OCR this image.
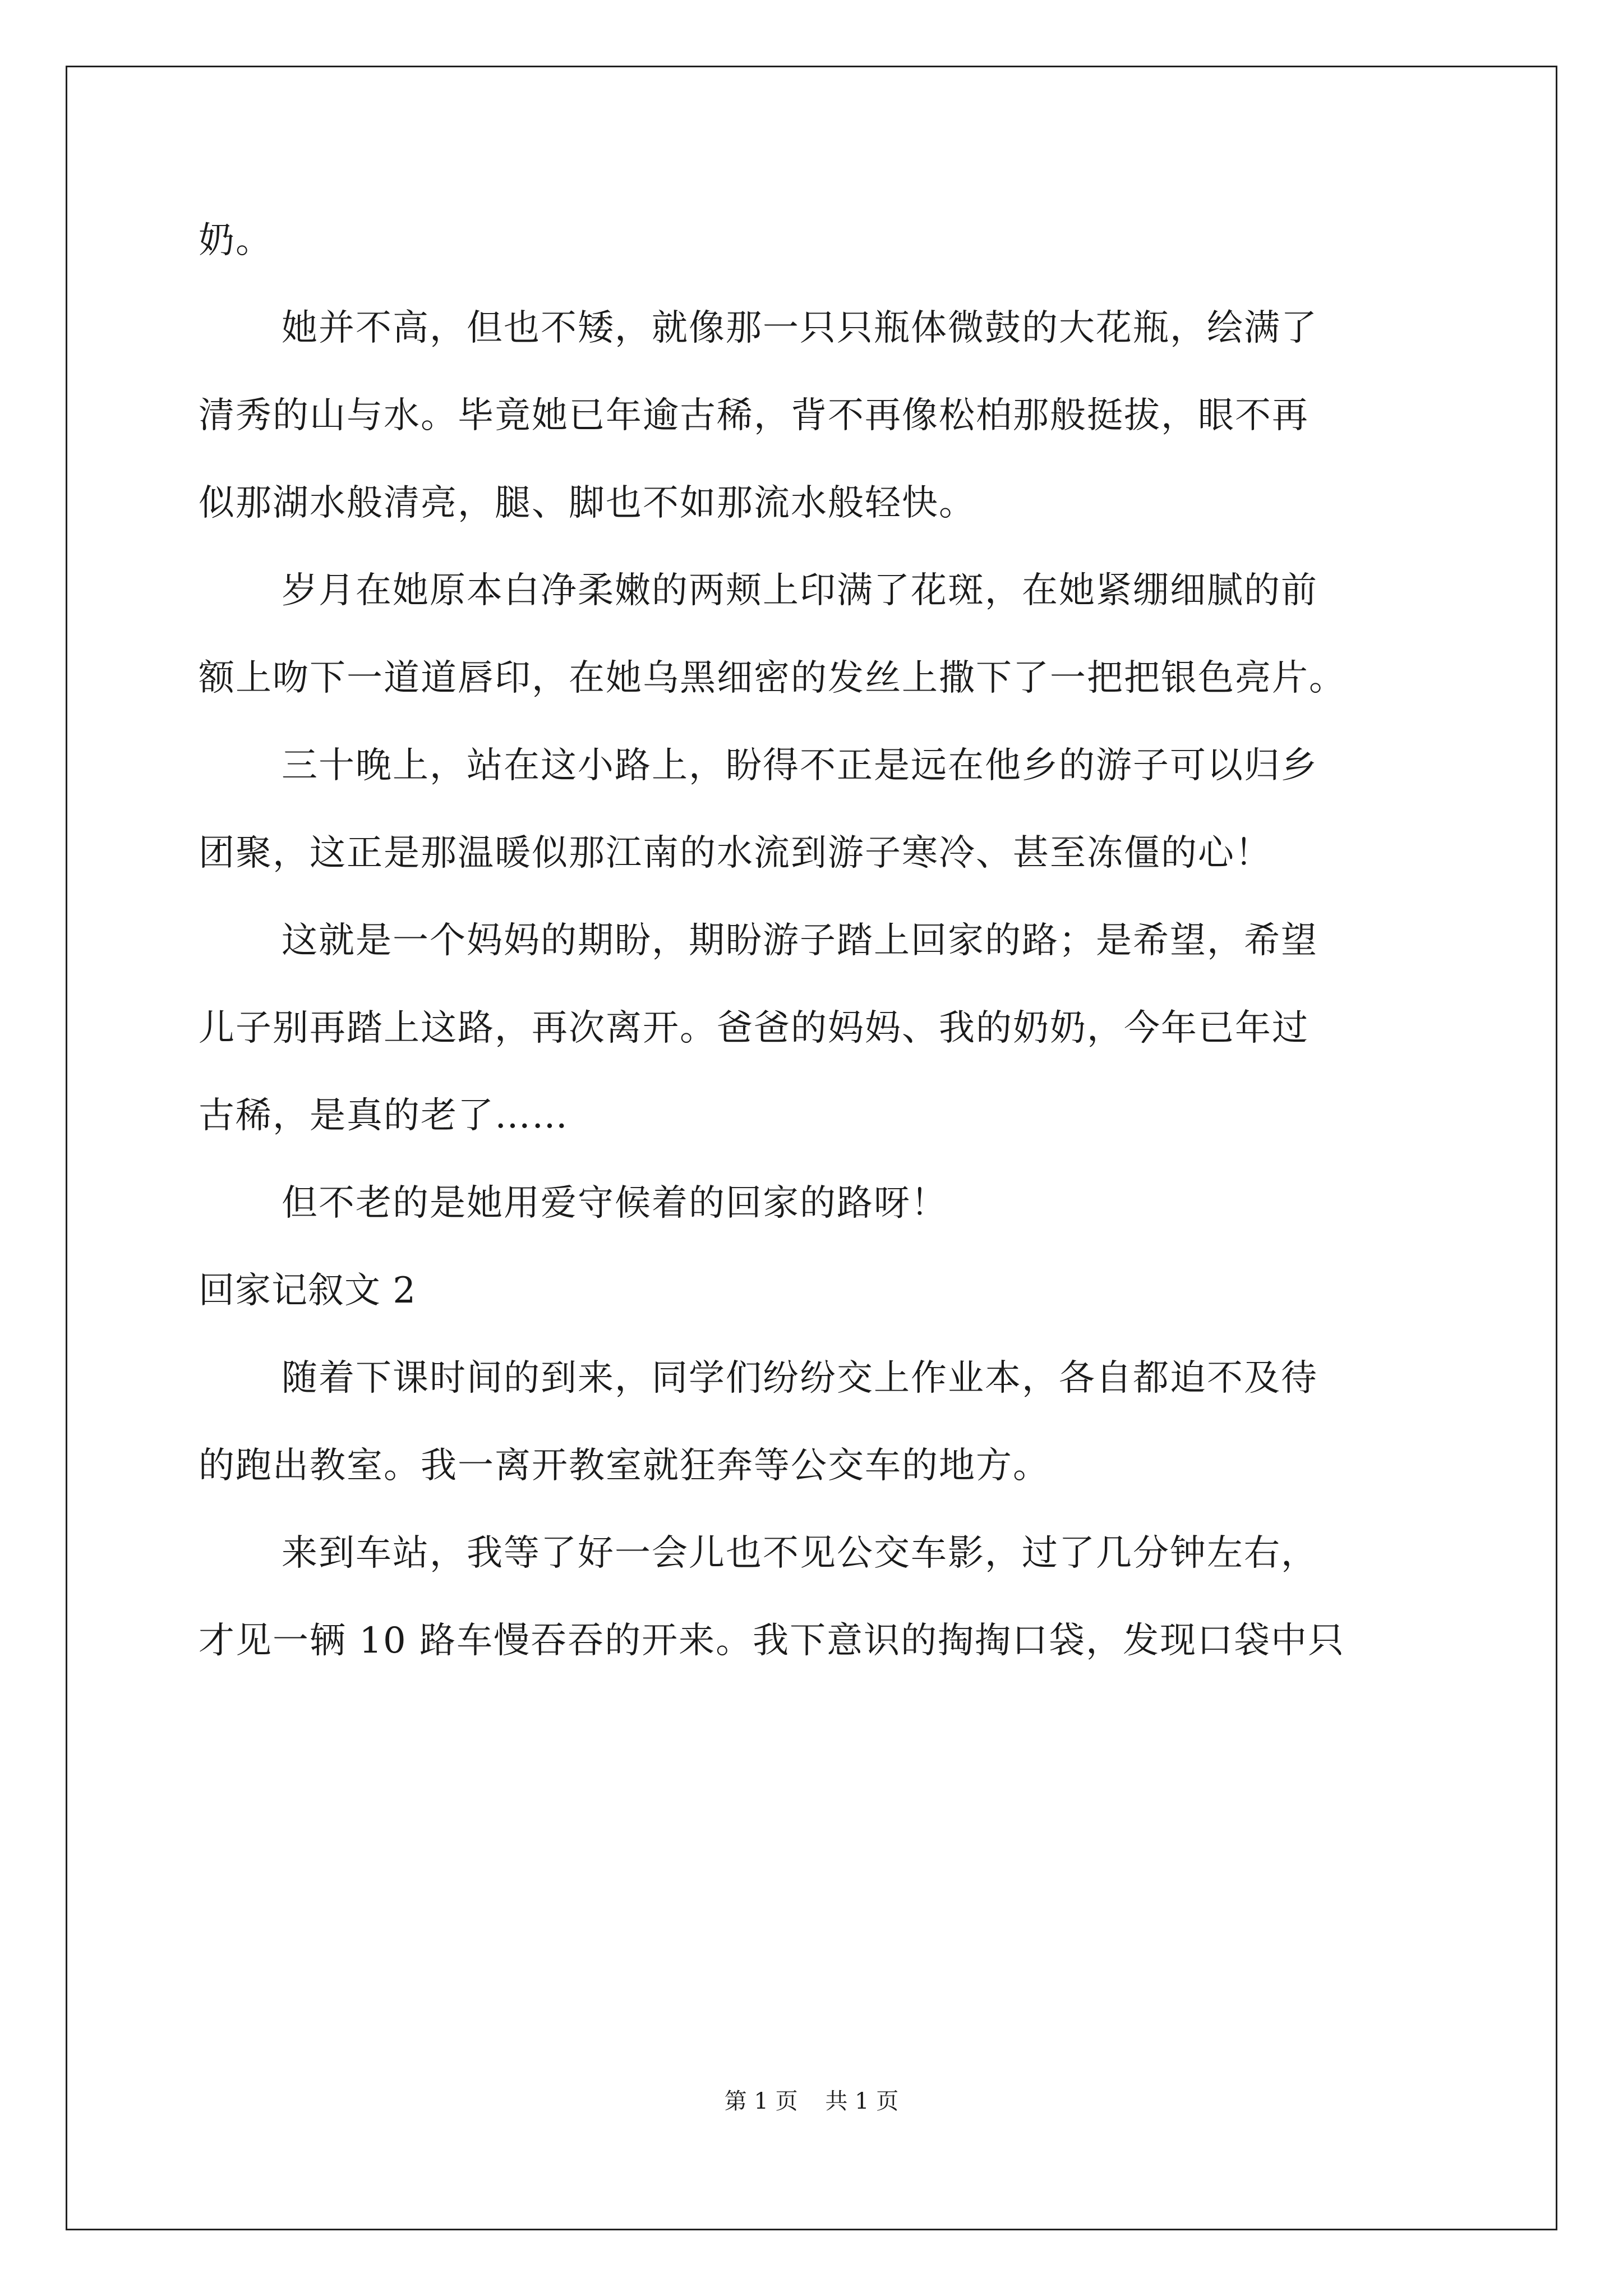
奶。
她并不高，但也不矮，就像那一只只瓶体微鼓的大花瓶，绘满了
清秀的山与水。毕竟她已年逾古稀，背不再像松柏那般挺拔，眼不再
似那湖水般清亮，腿、脚也不如那流水般轻快。
岁月在她原本白净柔嫩的两颊上印满了花斑，在她紧绷细腻的前
额上吻下一道道唇印，在她乌黑细密的发丝上撒下了一把把银色亮片。
三十晚上，站在这小路上，盼得不正是远在他乡的游子可以归乡
团聚，这正是那温暖似那江南的水流到游子寒冷、甚至冻僵的心！
这就是一个妈妈的期盼，期盼游子踏上回家的路；是希望，希望
儿子别再踏上这路，再次离开。爸爸的妈妈、我的奶奶，今年已年过
古稀，是真的老了……
但不老的是她用爱守候着的回家的路呀！
回家记叙文 2
随着下课时间的到来，同学们纷纷交上作业本，各自都迫不及待
的跑出教室。我一离开教室就狂奔等公交车的地方。
来到车站，我等了好一会儿也不见公交车影，过了几分钟左右，
才见一辆 10 路车慢吞吞的开来。我下意识的掏掏口袋，发现口袋中只
第 1 页 共 1 页
